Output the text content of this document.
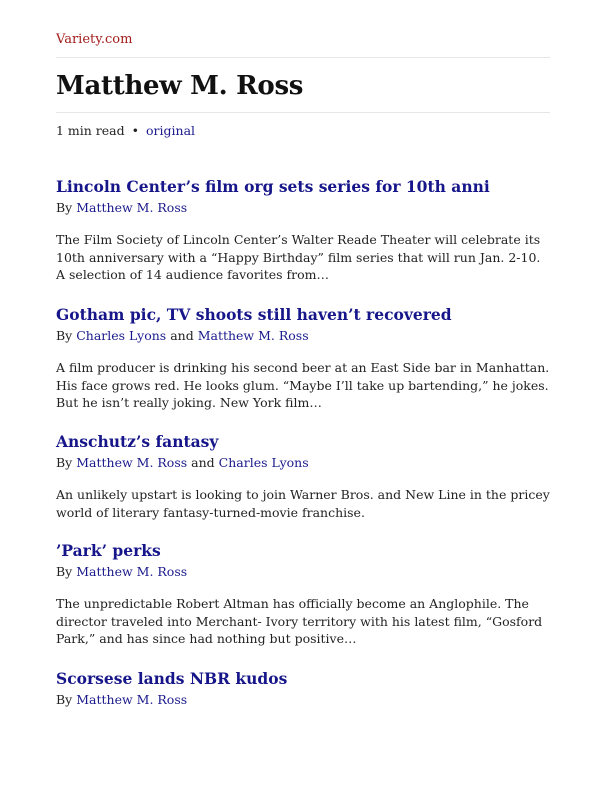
Variety.com
Matthew M. Ross
1 min read • original
Lincoln Center’s film org sets series for 10th anni
By Matthew M. Ross
The Film Society of Lincoln Center’s Walter Reade Theater will celebrate its 10th anniversary with a “Happy Birthday” film series that will run Jan. 2-10. A selection of 14 audience favorites from…
Gotham pic, TV shoots still haven’t recovered
By Charles Lyons and Matthew M. Ross
A film producer is drinking his second beer at an East Side bar in Manhattan. His face grows red. He looks glum. “Maybe I’ll take up bartending,” he jokes. But he isn’t really joking. New York film…
Anschutz’s fantasy
By Matthew M. Ross and Charles Lyons
An unlikely upstart is looking to join Warner Bros. and New Line in the pricey world of literary fantasy-turned-movie franchise.
’Park’ perks
By Matthew M. Ross
The unpredictable Robert Altman has officially become an Anglophile. The director traveled into Merchant- Ivory territory with his latest film, “Gosford Park,” and has since had nothing but positive…
Scorsese lands NBR kudos
By Matthew M. Ross
